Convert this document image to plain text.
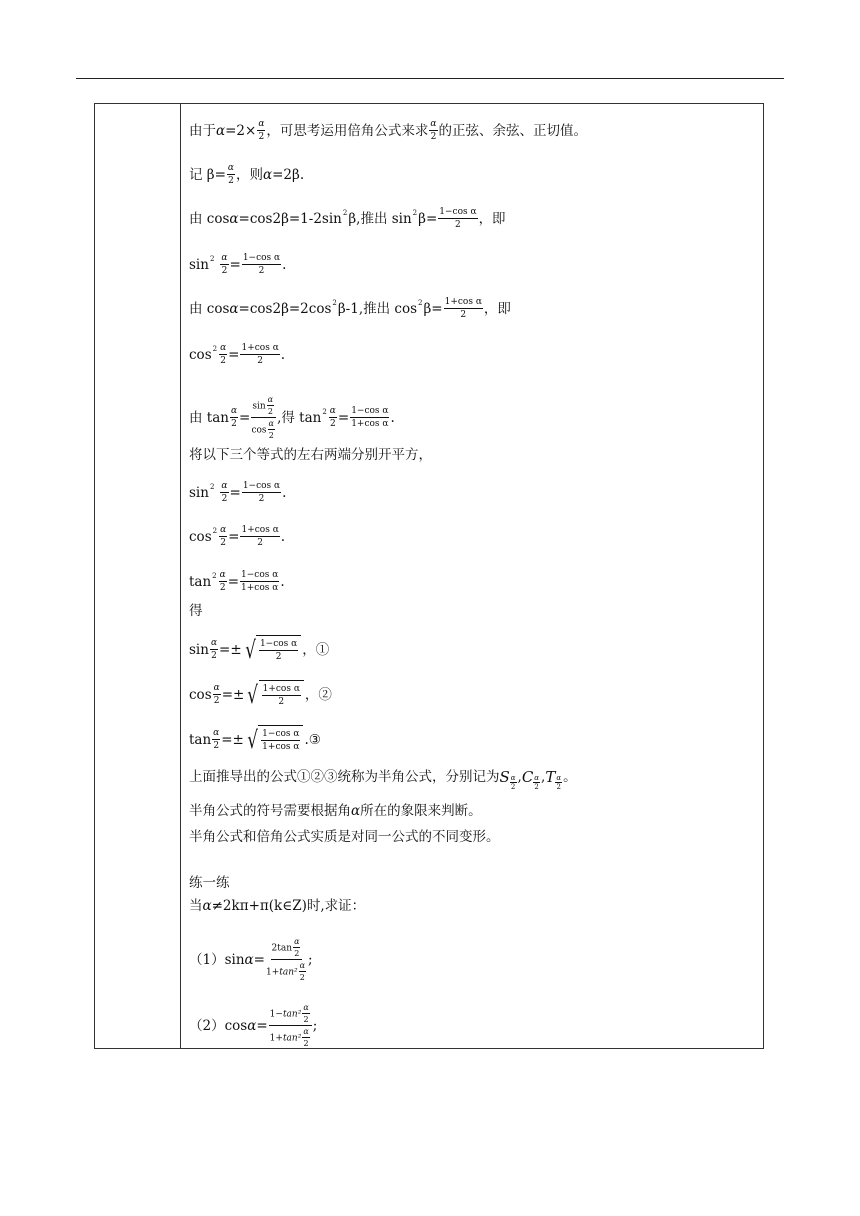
由于 $\alpha =2\times \frac{\alpha}{2}$ ，可思考运用倍角公式来求 $\frac{\alpha}{2}$ 的正弦、余弦、正切值。
记 $\beta= \frac{\alpha}{2}$ ，则 α =2β.
由 cos α =cos2β=1-2sin 2 β,推出 sin 2 $\beta= \frac{\text{1−cos α}}{2}$ ，即
$\sin 2 \frac{\alpha}{2} = \frac{\text{1−cos α}}{2}$ .
由 cos α =cos2β=2cos 2 β-1,推出 cos 2 $\beta= \frac{\text{1+cos α}}{2}$ ，即
$\cos 2 \frac{\alpha}{2} = \frac{\text{1+cos α}}{2}$ .
由 $\tan \frac{\alpha}{2} = \frac{\sin \frac{\alpha}{2}}{\cos \frac{\alpha}{2}}$ ,得 $\tan 2 \frac{\alpha}{2} = \frac{\text{1−cos α}}{\text{1+cos α}}$ .
将以下三个等式的左右两端分别开平方，
$\sin 2 \frac{\alpha}{2} = \frac{\text{1−cos α}}{2}$ .
$\cos 2 \frac{\alpha}{2} = \frac{\text{1+cos α}}{2}$ .
$\tan 2 \frac{\alpha}{2} = \frac{\text{1−cos α}}{\text{1+cos α}}$ .
得
$\sin \frac{\alpha}{2}$ =± √ $\frac{\text{1−cos α}}{2}$ ，①
$\cos \frac{\alpha}{2}$ =± √ $\frac{\text{1+cos α}}{2}$ ，②
$\tan \frac{\alpha}{2}$ =± √ $\frac{\text{1−cos α}}{\text{1+cos α}}$ .③
上面推导出的公式①②③统称为半角公式，分别记为 S $\frac{\alpha}{2}$ , C $\frac{\alpha}{2}$ , T $\frac{\alpha}{2}$ 。
半角公式的符号需要根据角 α 所在的象限来判断。
半角公式和倍角公式实质是对同一公式的不同变形。
练一练
当 α ≠2kπ+π(k∈Z)时,求证：
（1）sin $\alpha = \frac{2\tan \frac{\alpha}{2}}{1+\tan^2 \frac{\alpha}{2}}$ ;
（2）cos $\alpha = \frac{1-\tan^2 \frac{\alpha}{2}}{1+\tan^2 \frac{\alpha}{2}}$ ;
